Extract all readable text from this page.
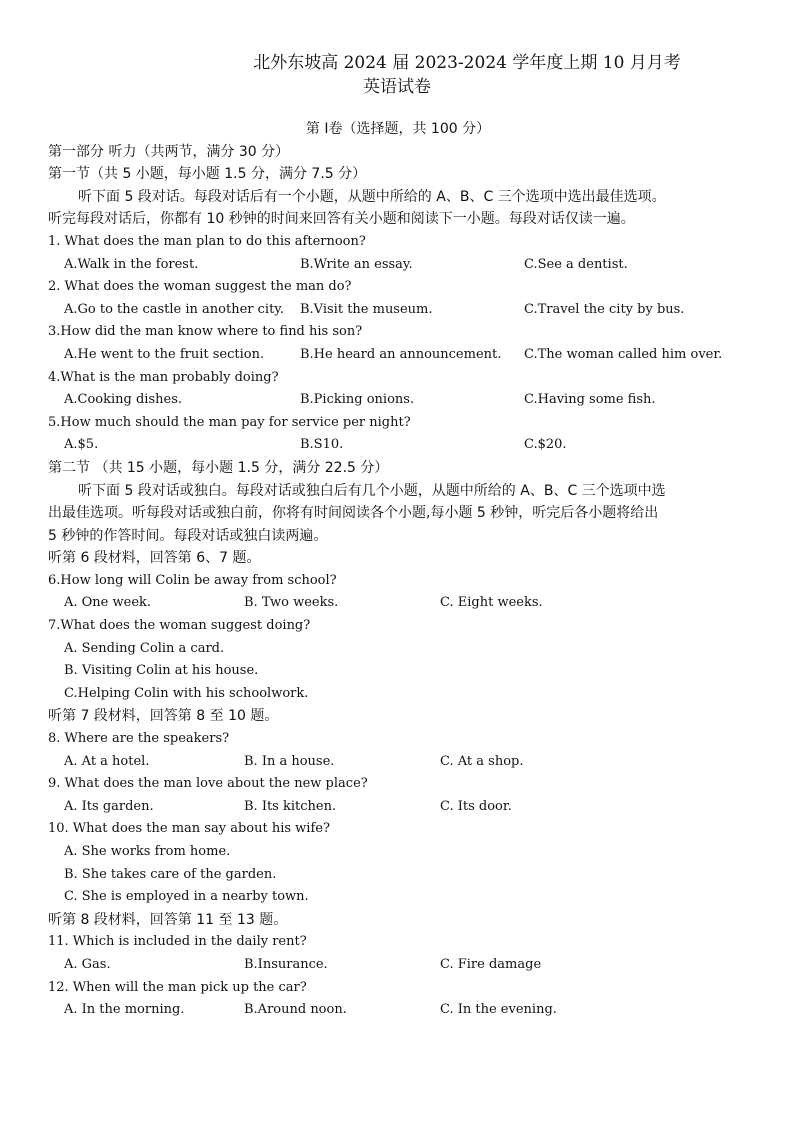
北外东坡高 2024 届 2023-2024 学年度上期 10 月月考
英语试卷
第 I卷（选择题，共 100 分）
第一部分 听力（共两节，满分 30 分）
第一节（共 5 小题，每小题 1.5 分，满分 7.5 分）
听下面 5 段对话。每段对话后有一个小题，从题中所给的 A、B、C 三个选项中选出最佳选项。
听完每段对话后，你都有 10 秒钟的时间来回答有关小题和阅读下一小题。每段对话仅读一遍。
1. What does the man plan to do this afternoon?
A.Walk in the forest.	B.Write an essay.	C.See a dentist.
2. What does the woman suggest the man do?
A.Go to the castle in another city. B.Visit the museum.	C.Travel the city by bus.
3.How did the man know where to find his son?
A.He went to the fruit section.	B.He heard an announcement. C.The woman called him over.
4.What is the man probably doing?
A.Cooking dishes.	B.Picking onions.	C.Having some fish.
5.How much should the man pay for service per night?
A.$5.	B.S10.	C.$20.
第二节 （共 15 小题，每小题 1.5 分，满分 22.5 分）
听下面 5 段对话或独白。每段对话或独白后有几个小题，从题中所给的 A、B、C 三个选项中选
出最佳选项。听每段对话或独白前，你将有时间阅读各个小题,每小题 5 秒钟，听完后各小题将给出
5 秒钟的作答时间。每段对话或独白读两遍。
听第 6 段材料，回答第 6、7 题。
6.How long will Colin be away from school?
A. One week.	B. Two weeks.	C. Eight weeks.
7.What does the woman suggest doing?
A. Sending Colin a card.
B. Visiting Colin at his house.
C.Helping Colin with his schoolwork.
听第 7 段材料，回答第 8 至 10 题。
8. Where are the speakers?
A. At a hotel.	B. In a house.	C. At a shop.
9. What does the man love about the new place?
A. Its garden.	B. Its kitchen.	C. Its door.
10. What does the man say about his wife?
A. She works from home.
B. She takes care of the garden.
C. She is employed in a nearby town.
听第 8 段材料，回答第 11 至 13 题。
11. Which is included in the daily rent?
A. Gas.	B.Insurance.	C. Fire damage
12. When will the man pick up the car?
A. In the morning.	B.Around noon.	C. In the evening.
